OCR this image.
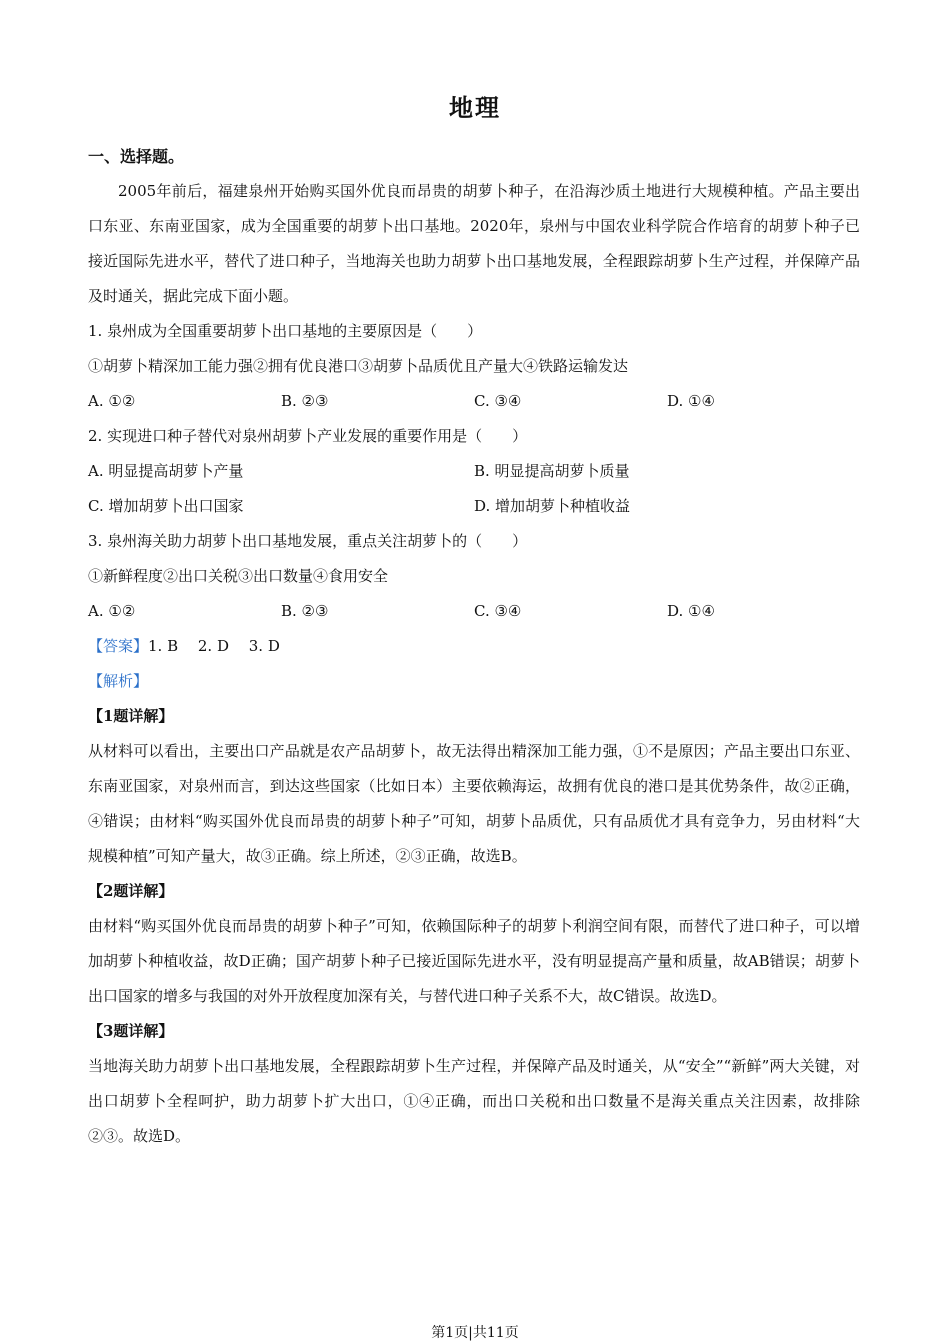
地理

一、选择题。

2005年前后，福建泉州开始购买国外优良而昂贵的胡萝卜种子，在沿海沙质土地进行大规模种植。产品主要出口东亚、东南亚国家，成为全国重要的胡萝卜出口基地。2020年，泉州与中国农业科学院合作培育的胡萝卜种子已接近国际先进水平，替代了进口种子，当地海关也助力胡萝卜出口基地发展，全程跟踪胡萝卜生产过程，并保障产品及时通关，据此完成下面小题。

1. 泉州成为全国重要胡萝卜出口基地的主要原因是（　　）

①胡萝卜精深加工能力强②拥有优良港口③胡萝卜品质优且产量大④铁路运输发达

A. ①②	B. ②③	C. ③④	D. ①④

2. 实现进口种子替代对泉州胡萝卜产业发展的重要作用是（　　）

A. 明显提高胡萝卜产量	B. 明显提高胡萝卜质量
C. 增加胡萝卜出口国家	D. 增加胡萝卜种植收益

3. 泉州海关助力胡萝卜出口基地发展，重点关注胡萝卜的（　　）

①新鲜程度②出口关税③出口数量④食用安全

A. ①②	B. ②③	C. ③④	D. ①④

【答案】1. B　 2. D　 3. D

【解析】

【1题详解】

从材料可以看出，主要出口产品就是农产品胡萝卜，故无法得出精深加工能力强，①不是原因；产品主要出口东亚、东南亚国家，对泉州而言，到达这些国家（比如日本）主要依赖海运，故拥有优良的港口是其优势条件，故②正确，④错误；由材料“购买国外优良而昂贵的胡萝卜种子”可知，胡萝卜品质优，只有品质优才具有竞争力，另由材料“大规模种植”可知产量大，故③正确。综上所述，②③正确，故选B。

【2题详解】

由材料“购买国外优良而昂贵的胡萝卜种子”可知，依赖国际种子的胡萝卜利润空间有限，而替代了进口种子，可以增加胡萝卜种植收益，故D正确；国产胡萝卜种子已接近国际先进水平，没有明显提高产量和质量，故AB错误；胡萝卜出口国家的增多与我国的对外开放程度加深有关，与替代进口种子关系不大，故C错误。故选D。

【3题详解】

当地海关助力胡萝卜出口基地发展，全程跟踪胡萝卜生产过程，并保障产品及时通关，从“安全”“新鲜”两大关键，对出口胡萝卜全程呵护，助力胡萝卜扩大出口，①④正确，而出口关税和出口数量不是海关重点关注因素，故排除②③。故选D。

第1页|共11页
